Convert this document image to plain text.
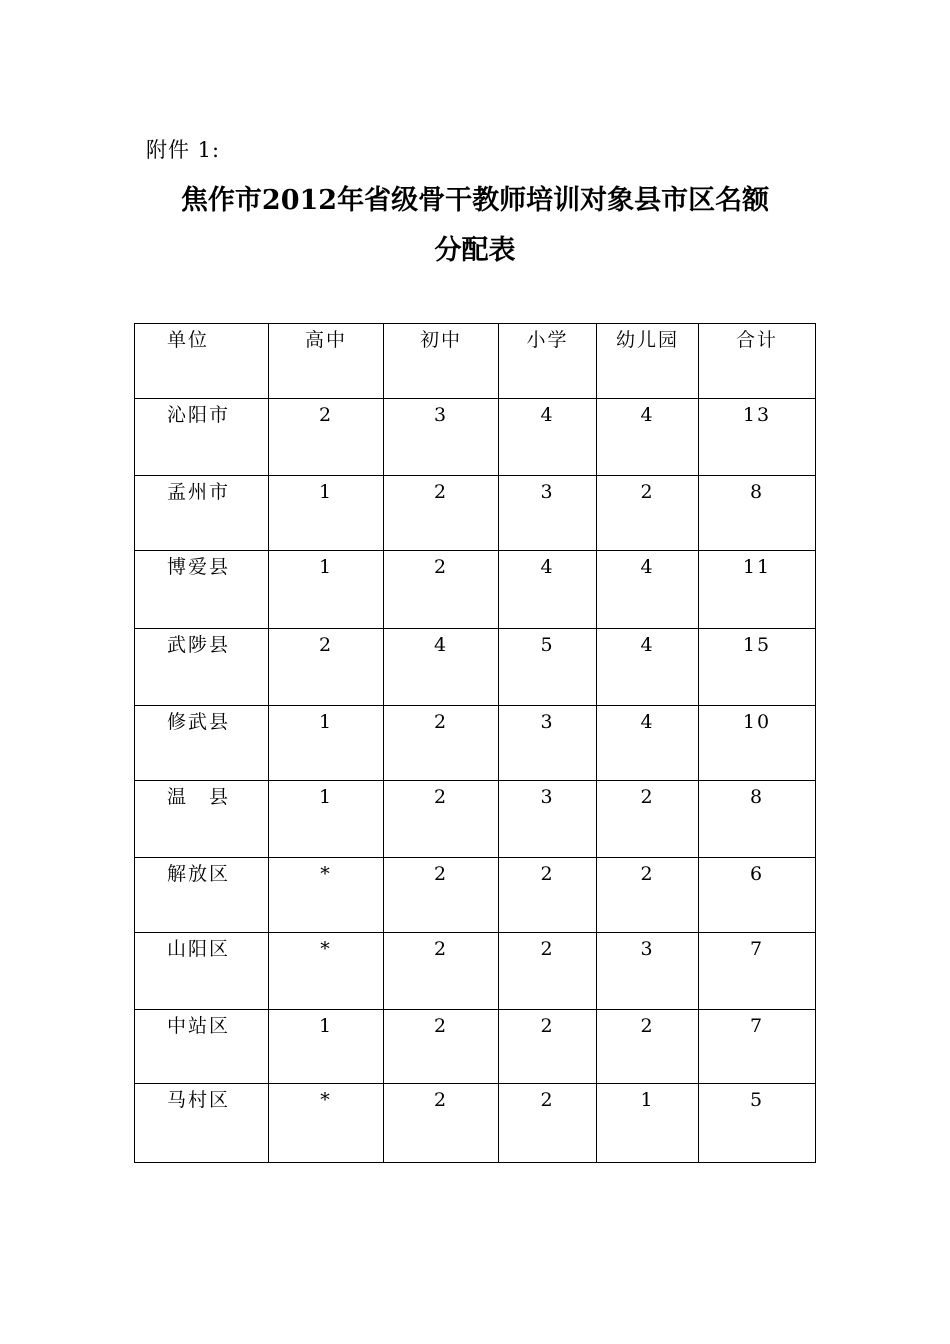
附件 1:

焦作市2012年省级骨干教师培训对象县市区名额
分配表
单位	高中	初中	小学	幼儿园	合计
沁阳市	2	3	4	4	13
孟州市	1	2	3	2	8
博爱县	1	2	4	4	11
武陟县	2	4	5	4	15
修武县	1	2	3	4	10
温　县	1	2	3	2	8
解放区	*	2	2	2	6
山阳区	*	2	2	3	7
中站区	1	2	2	2	7
马村区	*	2	2	1	5
